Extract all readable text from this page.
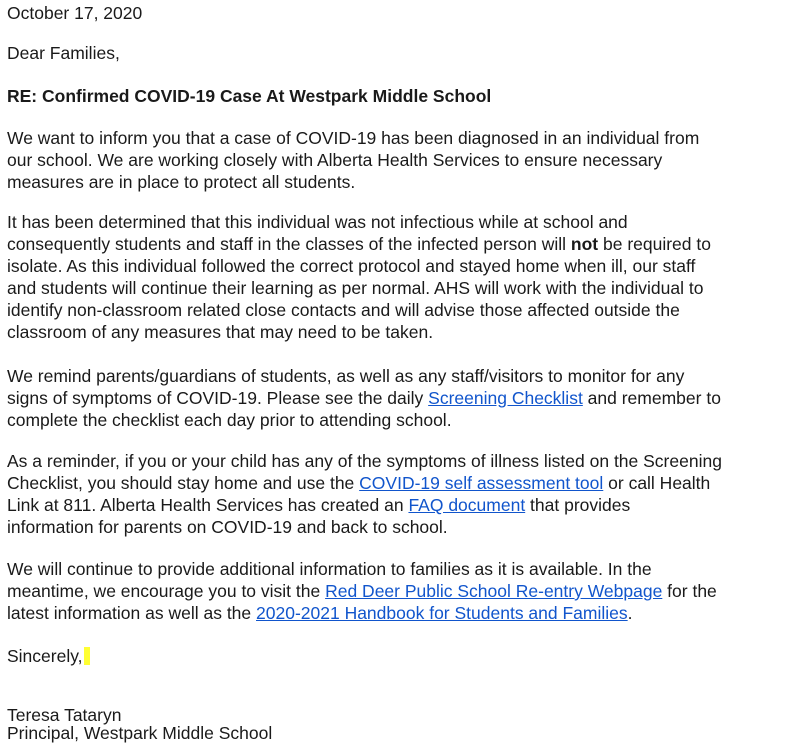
October 17, 2020
Dear Families,
RE: Confirmed COVID-19 Case At Westpark Middle School
We want to inform you that a case of COVID-19 has been diagnosed in an individual from
our school. We are working closely with Alberta Health Services to ensure necessary
measures are in place to protect all students.
It has been determined that this individual was not infectious while at school and
consequently students and staff in the classes of the infected person will not be required to
isolate. As this individual followed the correct protocol and stayed home when ill, our staff
and students will continue their learning as per normal. AHS will work with the individual to
identify non-classroom related close contacts and will advise those affected outside the
classroom of any measures that may need to be taken.
We remind parents/guardians of students, as well as any staff/visitors to monitor for any
signs of symptoms of COVID-19. Please see the daily Screening Checklist and remember to
complete the checklist each day prior to attending school.
As a reminder, if you or your child has any of the symptoms of illness listed on the Screening
Checklist, you should stay home and use the COVID-19 self assessment tool or call Health
Link at 811. Alberta Health Services has created an FAQ document that provides
information for parents on COVID-19 and back to school.
We will continue to provide additional information to families as it is available. In the
meantime, we encourage you to visit the Red Deer Public School Re-entry Webpage for the
latest information as well as the 2020-2021 Handbook for Students and Families.
Sincerely,
Teresa Tataryn
Principal, Westpark Middle School
